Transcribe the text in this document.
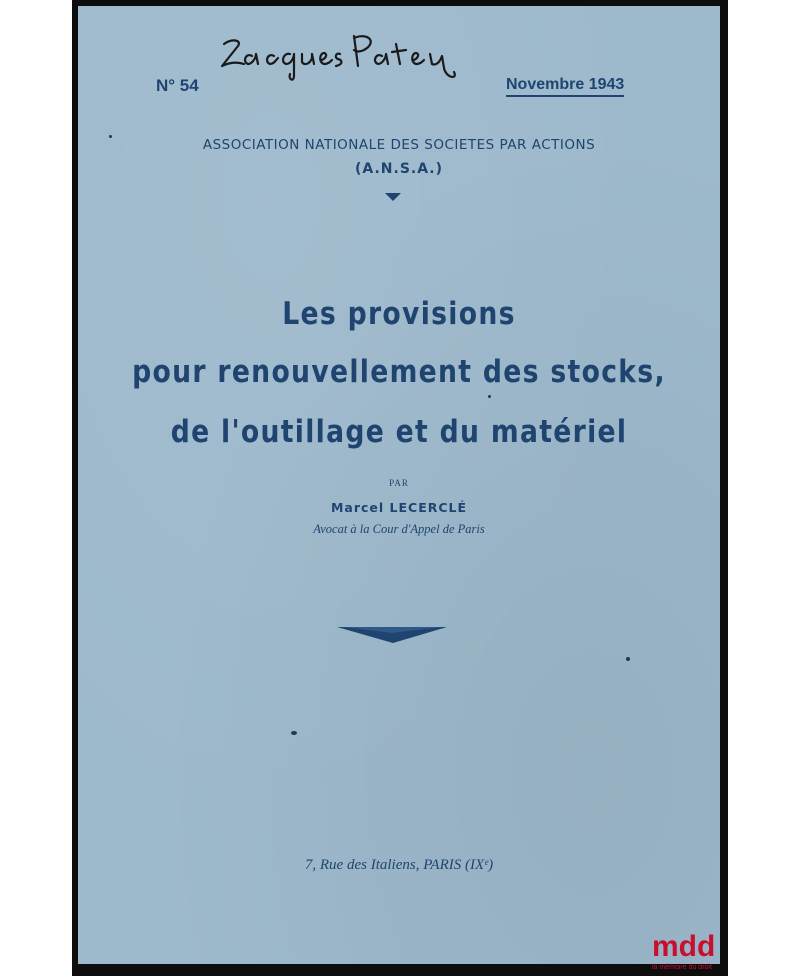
N° 54	Novembre 1943
ASSOCIATION NATIONALE DES SOCIETES PAR ACTIONS
(A.N.S.A.)
Les provisions
pour renouvellement des stocks,
de l'outillage et du matériel
PAR
Marcel LECERCLÉ
Avocat à la Cour d'Appel de Paris
7, Rue des Italiens, PARIS (IXᵉ)
mdd
la mémoire du droit
